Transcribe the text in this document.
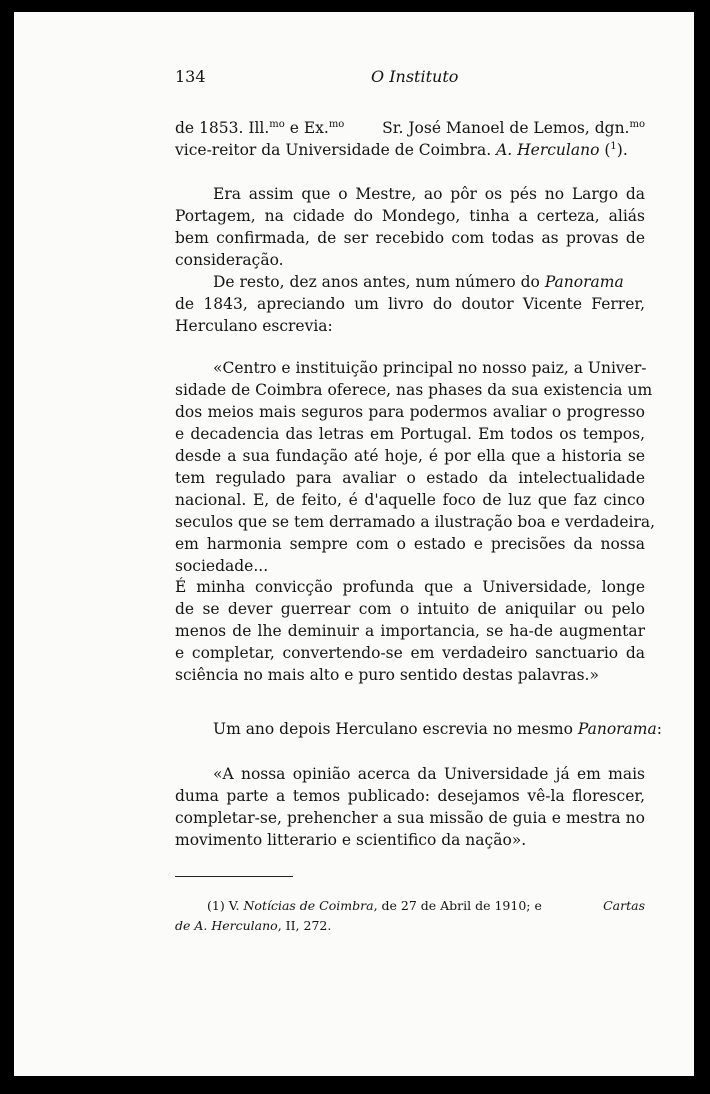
134	O Instituto
de 1853. Ill.$^{mo}$ e Ex.$^{mo}$ Sr. José Manoel de Lemos, dgn.$^{mo}$
vice-reitor da Universidade de Coimbra. A. Herculano ($^1$).
Era assim que o Mestre, ao pôr os pés no Largo da
Portagem, na cidade do Mondego, tinha a certeza, aliás
bem confirmada, de ser recebido com todas as provas de
consideração.
De resto, dez anos antes, num número do Panorama
de 1843, apreciando um livro do doutor Vicente Ferrer,
Herculano escrevia:
«Centro e instituição principal no nosso paiz, a Univer-
sidade de Coimbra oferece, nas phases da sua existencia um
dos meios mais seguros para podermos avaliar o progresso
e decadencia das letras em Portugal. Em todos os tempos,
desde a sua fundação até hoje, é por ella que a historia se
tem regulado para avaliar o estado da intelectualidade
nacional. E, de feito, é d'aquelle foco de luz que faz cinco
seculos que se tem derramado a ilustração boa e verdadeira,
em harmonia sempre com o estado e precisões da nossa
sociedade...
É minha convicção profunda que a Universidade, longe
de se dever guerrear com o intuito de aniquilar ou pelo
menos de lhe deminuir a importancia, se ha-de augmentar
e completar, convertendo-se em verdadeiro sanctuario da
sciência no mais alto e puro sentido destas palavras.»
Um ano depois Herculano escrevia no mesmo Panorama:
«A nossa opinião acerca da Universidade já em mais
duma parte a temos publicado: desejamos vê-la florescer,
completar-se, prehencher a sua missão de guia e mestra no
movimento litterario e scientifico da nação».
(1) V. Notícias de Coimbra, de 27 de Abril de 1910; e	Cartas
de A. Herculano, II, 272.
